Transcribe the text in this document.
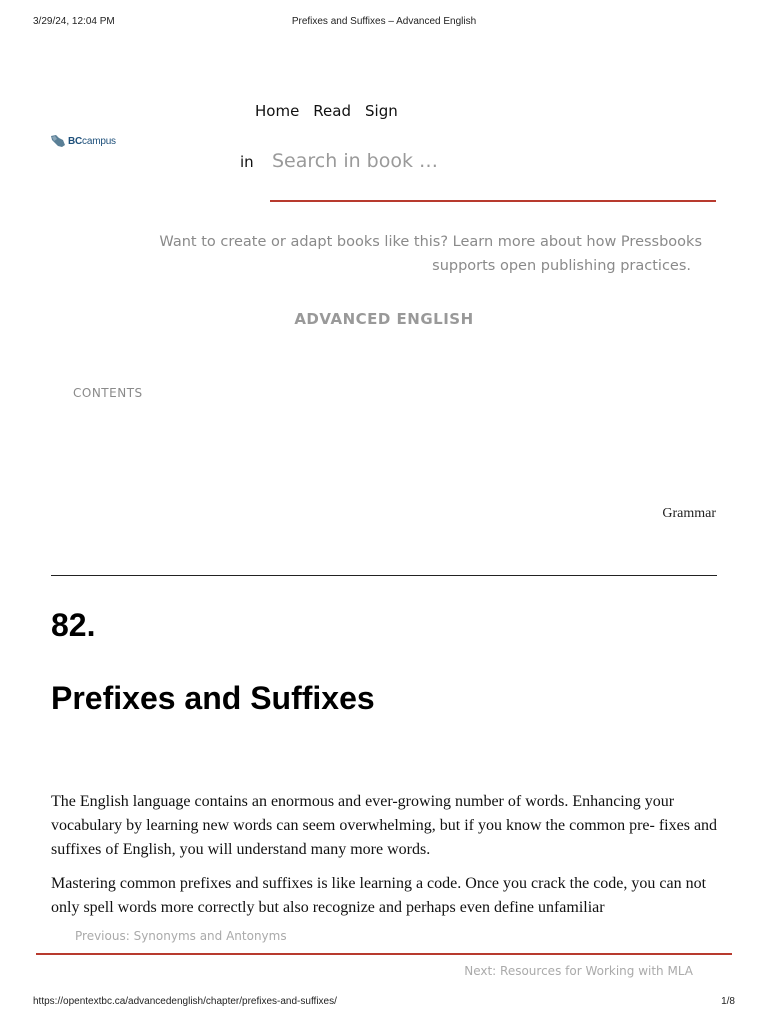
3/29/24, 12:04 PM	Prefixes and Suffixes – Advanced English
BCcampus
Home Read Sign
in
Search in book …
Want to create or adapt books like this? Learn more about how Pressbooks
supports open publishing practices.
ADVANCED ENGLISH
CONTENTS
Grammar
82.
Prefixes and Suffixes

The English language contains an enormous and ever-growing number of words. Enhancing your vocabulary by learning new words can seem overwhelming, but if you know the common pre- fixes and suffixes of English, you will understand many more words.

Mastering common prefixes and suffixes is like learning a code. Once you crack the code, you can not only spell words more correctly but also recognize and perhaps even define unfamiliar

Previous: Synonyms and Antonyms
Next: Resources for Working with MLA
https://opentextbc.ca/advancedenglish/chapter/prefixes-and-suffixes/	1/8
